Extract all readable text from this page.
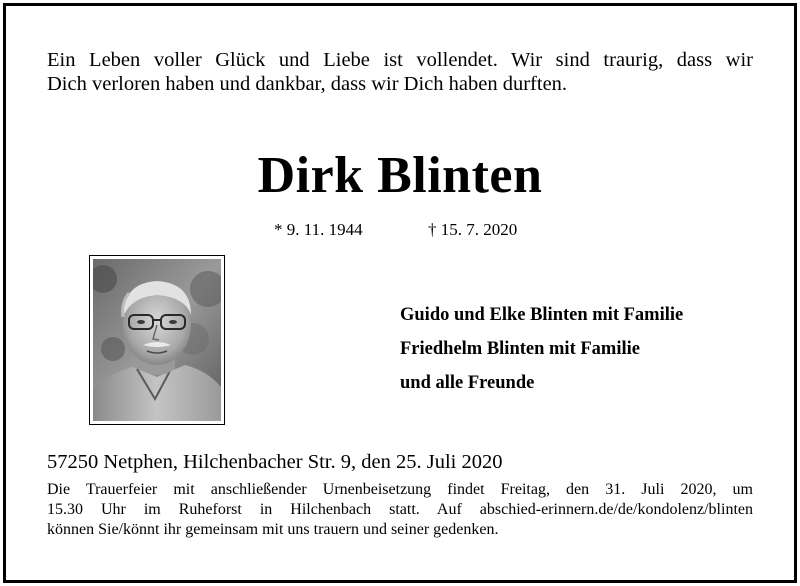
Ein Leben voller Glück und Liebe ist vollendet. Wir sind traurig, dass wir
Dich verloren haben und dankbar, dass wir Dich haben durften.
Dirk Blinten
* 9. 11. 1944	† 15. 7. 2020
Guido und Elke Blinten mit Familie
Friedhelm Blinten mit Familie
und alle Freunde
57250 Netphen, Hilchenbacher Str. 9, den 25. Juli 2020
Die Trauerfeier mit anschließender Urnenbeisetzung findet Freitag, den 31. Juli 2020, um
15.30 Uhr im Ruheforst in Hilchenbach statt. Auf abschied-erinnern.de/de/kondolenz/blinten
können Sie/könnt ihr gemeinsam mit uns trauern und seiner gedenken.
